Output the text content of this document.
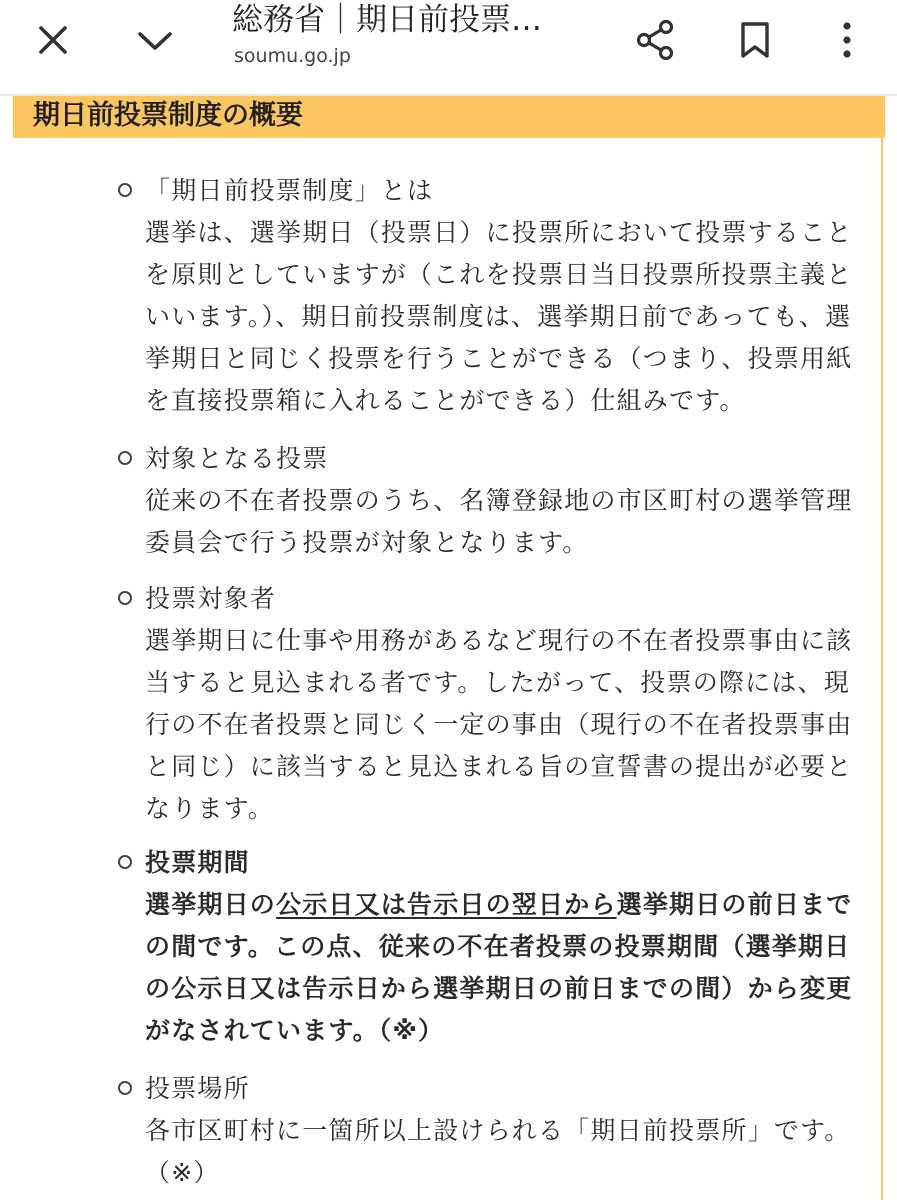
総務省｜期日前投票…
soumu.go.jp
期日前投票制度の概要

「期日前投票制度」とは

選挙は、選挙期日（投票日）に投票所において投票することを原則としていますが（これを投票日当日投票所投票主義といいます。）、期日前投票制度は、選挙期日前であっても、選挙期日と同じく投票を行うことができる（つまり、投票用紙を直接投票箱に入れることができる）仕組みです。

対象となる投票

従来の不在者投票のうち、名簿登録地の市区町村の選挙管理委員会で行う投票が対象となります。

投票対象者

選挙期日に仕事や用務があるなど現行の不在者投票事由に該当すると見込まれる者です。したがって、投票の際には、現行の不在者投票と同じく一定の事由（現行の不在者投票事由と同じ）に該当すると見込まれる旨の宣誓書の提出が必要となります。

投票期間

選挙期日の公示日又は告示日の翌日から選挙期日の前日までの間です。この点、従来の不在者投票の投票期間（選挙期日の公示日又は告示日から選挙期日の前日までの間）から変更がなされています。（※）

投票場所

各市区町村に一箇所以上設けられる「期日前投票所」です。（※）
